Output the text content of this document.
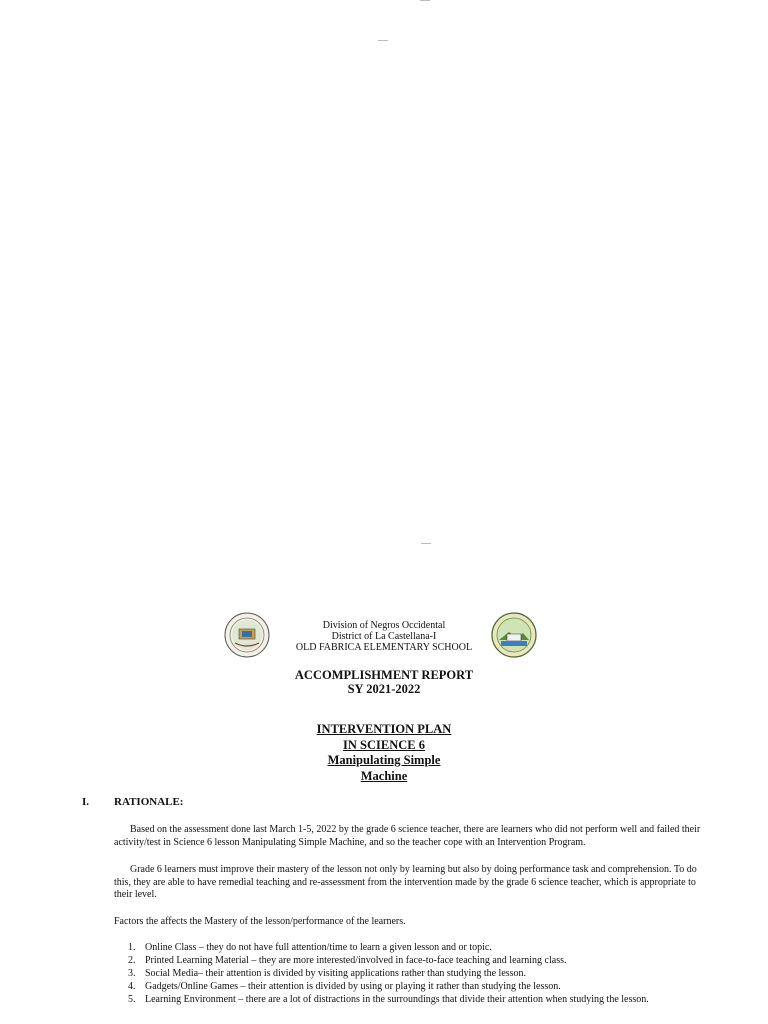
Division of Negros Occidental
District of La Castellana-I
OLD FABRICA ELEMENTARY SCHOOL
ACCOMPLISHMENT REPORT
SY 2021-2022
INTERVENTION PLAN
IN SCIENCE 6
Manipulating Simple
Machine
I. RATIONALE:

Based on the assessment done last March 1-5, 2022 by the grade 6 science teacher, there are learners who did not perform well and failed their activity/test in Science 6 lesson Manipulating Simple Machine, and so the teacher cope with an Intervention Program.

Grade 6 learners must improve their mastery of the lesson not only by learning but also by doing performance task and comprehension. To do this, they are able to have remedial teaching and re-assessment from the intervention made by the grade 6 science teacher, which is appropriate to their level.

Factors the affects the Mastery of the lesson/performance of the learners.

1. Online Class – they do not have full attention/time to learn a given lesson and or topic.
2. Printed Learning Material – they are more interested/involved in face-to-face teaching and learning class.
3. Social Media– their attention is divided by visiting applications rather than studying the lesson.
4. Gadgets/Online Games – their attention is divided by using or playing it rather than studying the lesson.
5. Learning Environment – there are a lot of distractions in the surroundings that divide their attention when studying the lesson.
